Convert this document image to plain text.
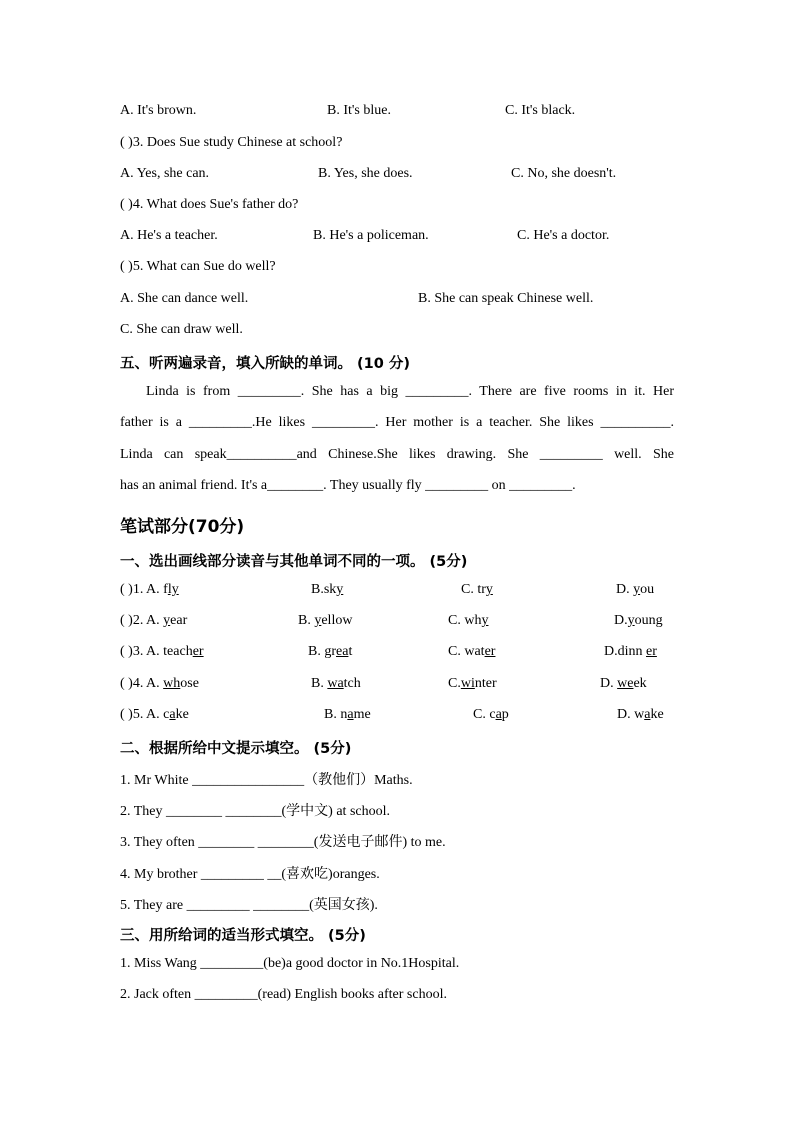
A. It's brown.	B. It's blue.	C. It's black.
( )3. Does Sue study Chinese at school?
A. Yes, she can.	B. Yes, she does.	C. No, she doesn't.
( )4. What does Sue's father do?
A. He's a teacher.	B. He's a policeman.	C. He's a doctor.
( )5. What can Sue do well?
A. She can dance well.	B. She can speak Chinese well.
C. She can draw well.
五、听两遍录音，填入所缺的单词。 (10 分)
Linda is from _________. She has a big _________. There are five rooms in it. Her
father is a _________.He likes _________. Her mother is a teacher. She likes __________.
Linda can speak__________and Chinese.She likes drawing. She _________ well. She
has an animal friend. It's a________. They usually fly _________ on _________.
笔试部分(70分)
一、选出画线部分读音与其他单词不同的一项。 (5分)
( )1. A. fly	B.sky	C. try	D. you
( )2. A. year	B. yellow	C. why	D.young
( )3. A. teacher	B. great	C. water	D.dinn er
( )4. A. whose	B. watch	C.winter	D. week
( )5. A. cake	B. name	C. cap	D. wake
二、根据所给中文提示填空。 (5分)
1. Mr White ________________（教他们）Maths.
2. They ________ ________(学中文) at school.
3. They often ________ ________(发送电子邮件) to me.
4. My brother _________ __(喜欢吃)oranges.
5. They are _________ ________(英国女孩).
三、用所给词的适当形式填空。 (5分)
1. Miss Wang _________(be)a good doctor in No.1Hospital.
2. Jack often _________(read) English books after school.
